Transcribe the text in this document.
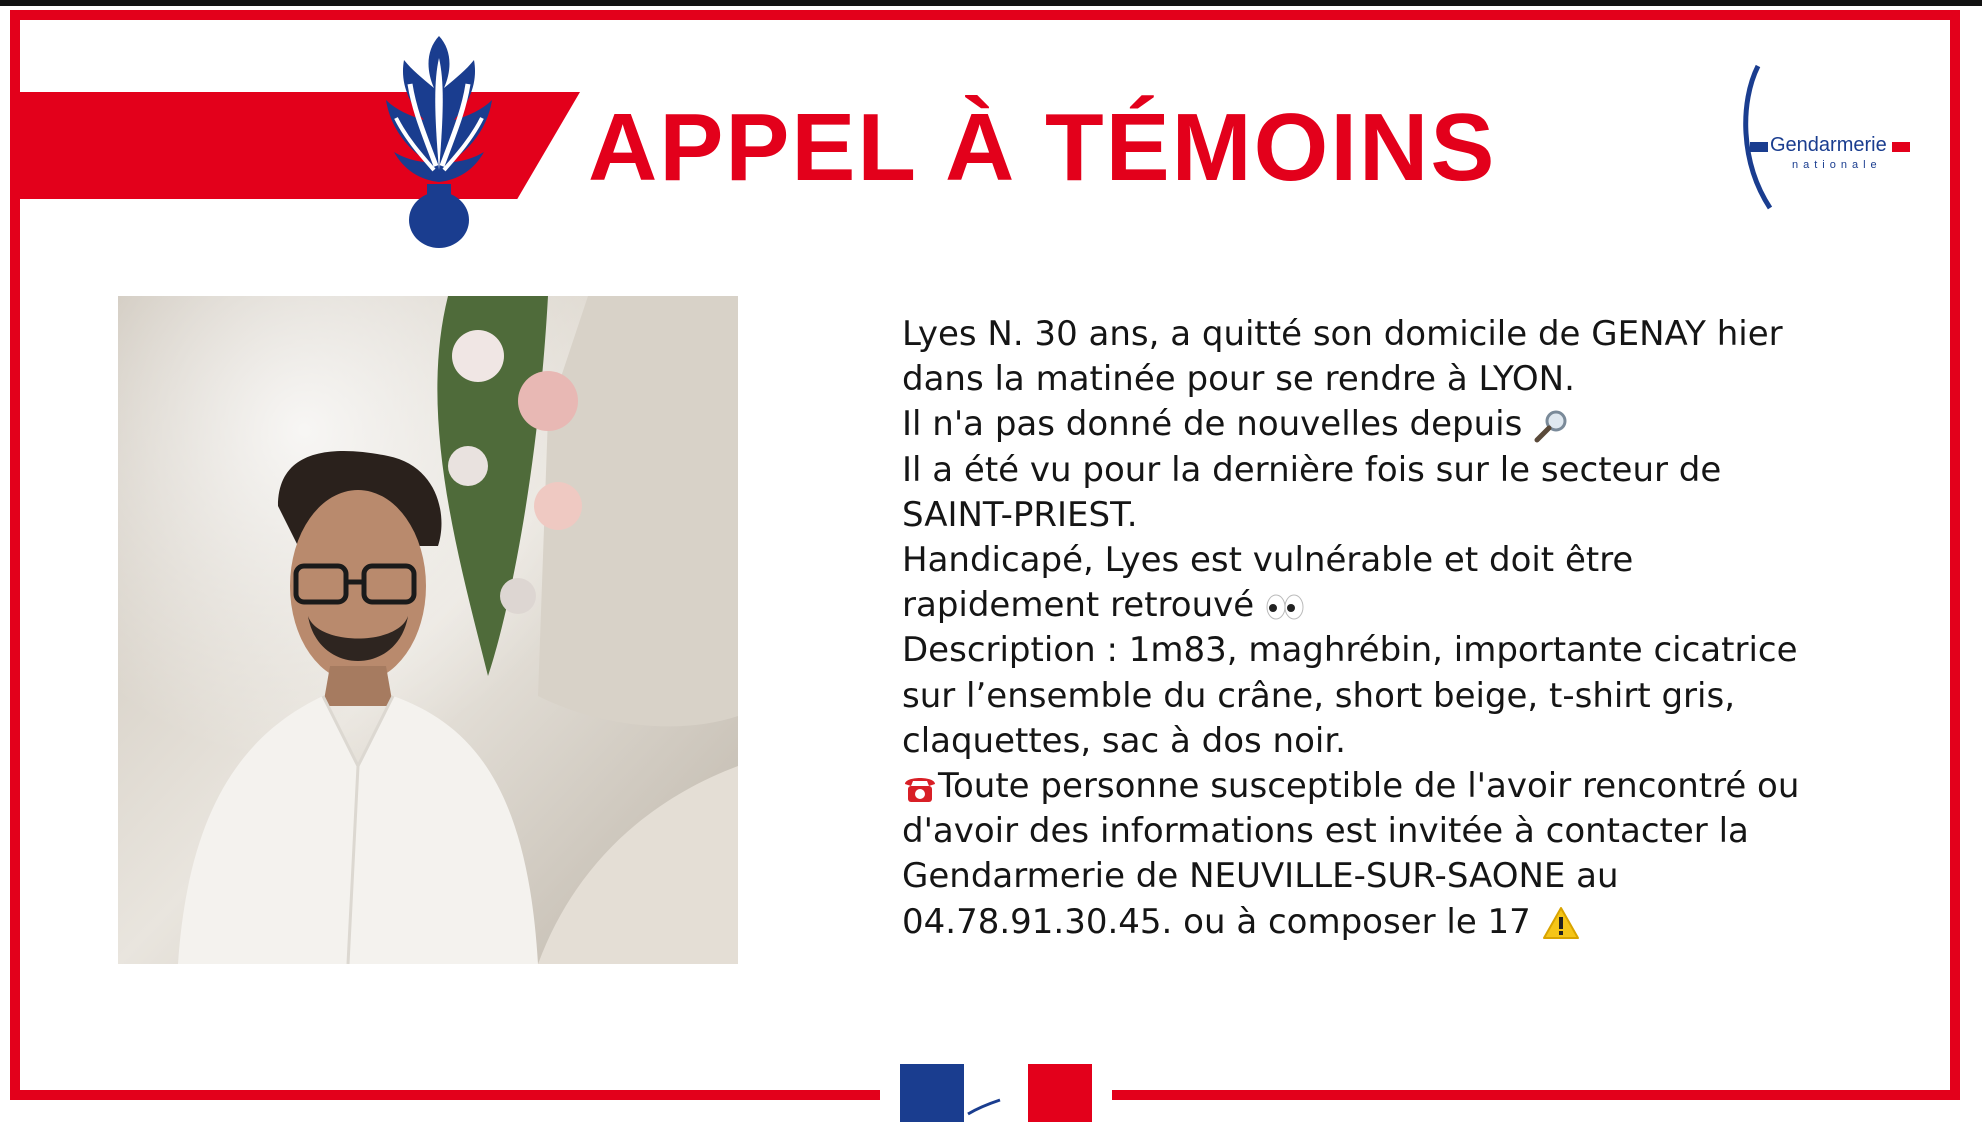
APPEL À TÉMOINS	Gendarmerie
nationale

Lyes N. 30 ans, a quitté son domicile de GENAY hier

dans la matinée pour se rendre à LYON.

Il n'a pas donné de nouvelles depuis

Il a été vu pour la dernière fois sur le secteur de

SAINT-PRIEST.

Handicapé, Lyes est vulnérable et doit être

rapidement retrouvé

Description : 1m83, maghrébin, importante cicatrice

sur l’ensemble du crâne, short beige, t-shirt gris,

claquettes, sac à dos noir.

Toute personne susceptible de l'avoir rencontré ou

d'avoir des informations est invitée à contacter la

Gendarmerie de NEUVILLE-SUR-SAONE au

04.78.91.30.45. ou à composer le 17
